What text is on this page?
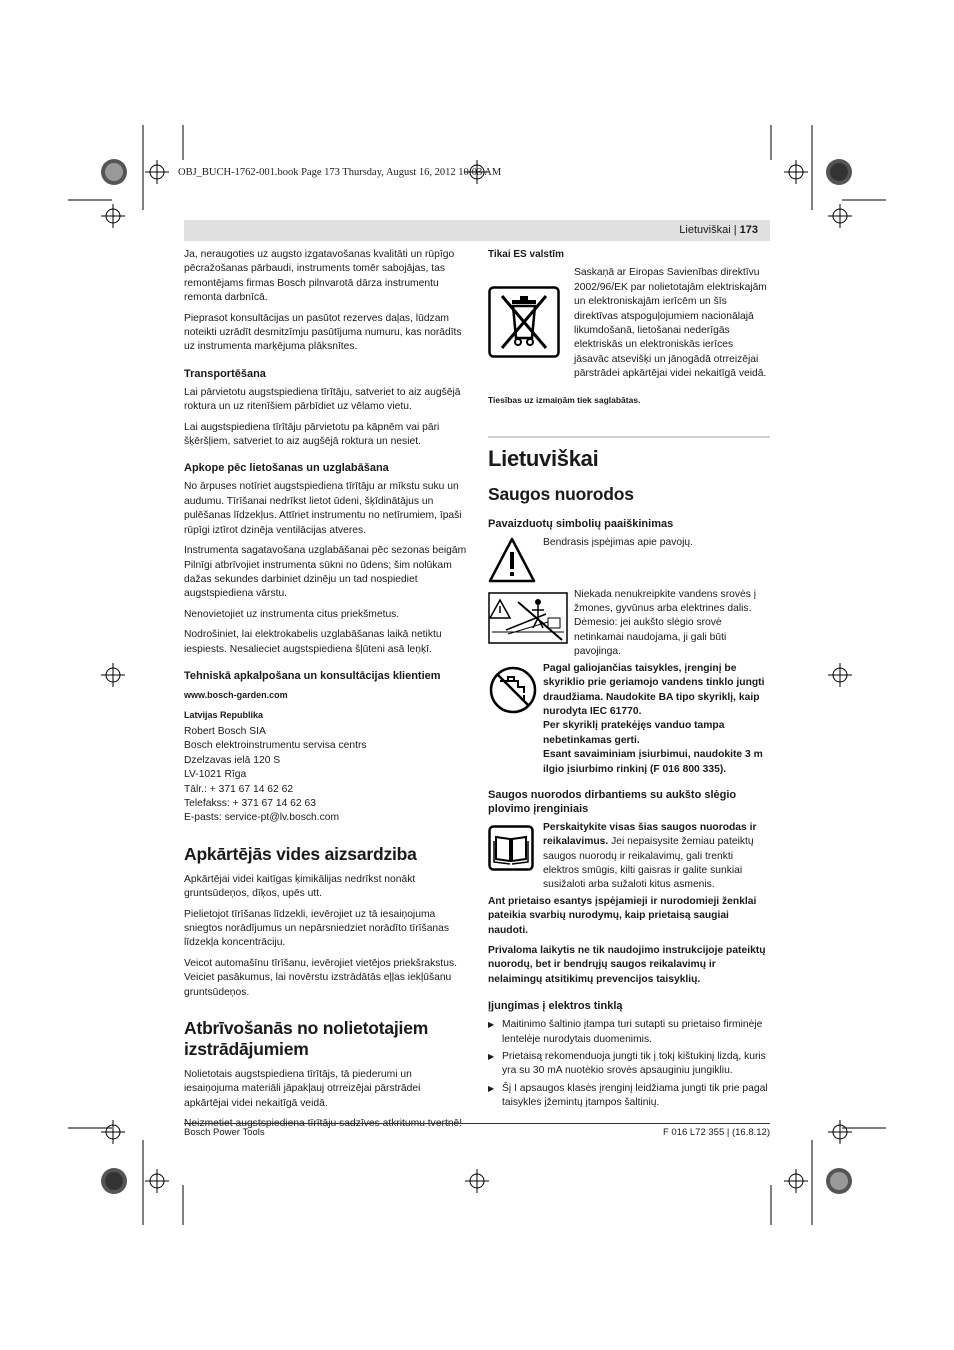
OBJ_BUCH-1762-001.book Page 173 Thursday, August 16, 2012 10:03 AM
Lietuviškai | 173

Ja, neraugoties uz augsto izgatavošanas kvalitāti un rūpīgo pēcražošanas pārbaudi, instruments tomēr sabojājas, tas remontējams firmas Bosch pilnvarotā dārza instrumentu remonta darbnīcā.

Pieprasot konsultācijas un pasūtot rezerves daļas, lūdzam noteikti uzrādīt desmitzīmju pasūtījuma numuru, kas norādīts uz instrumenta marķējuma plāksnītes.

Transportēšana

Lai pārvietotu augstspiediena tīrītāju, satveriet to aiz augšējā roktura un uz ritenīšiem pārbīdiet uz vēlamo vietu.

Lai augstspiediena tīrītāju pārvietotu pa kāpnēm vai pāri šķēršļiem, satveriet to aiz augšējā roktura un nesiet.

Apkope pēc lietošanas un uzglabāšana

No ārpuses notīriet augstspiediena tīrītāju ar mīkstu suku un audumu. Tīrīšanai nedrīkst lietot ūdeni, šķīdinātājus un pulēšanas līdzekļus. Attīriet instrumentu no netīrumiem, īpaši rūpīgi iztīrot dzinēja ventilācijas atveres.

Instrumenta sagatavošana uzglabāšanai pēc sezonas beigām Pilnīgi atbrīvojiet instrumenta sūkni no ūdens; šim nolūkam dažas sekundes darbiniet dzinēju un tad nospiediet augstspiediena vārstu.

Nenovietojiet uz instrumenta citus priekšmetus.

Nodrošiniet, lai elektrokabelis uzglabāšanas laikā netiktu iespiests. Nesalieciet augstspiediena šļūteni asā leņķī.

Tehniskā apkalpošana un konsultācijas klientiem
www.bosch-garden.com
Latvijas Republika
Robert Bosch SIA
Bosch elektroinstrumentu servisa centrs
Dzelzavas ielā 120 S
LV-1021 Rīga
Tālr.: + 371 67 14 62 62
Telefakss: + 371 67 14 62 63
E-pasts: service-pt@lv.bosch.com
Apkārtējās vides aizsardziba

Apkārtējai videi kaitīgas ķimikālijas nedrīkst nonākt gruntsūdeņos, dīķos, upēs utt.

Pielietojot tīrīšanas līdzekli, ievērojiet uz tā iesaiņojuma sniegtos norādījumus un nepārsniedziet norādīto tīrīšanas līdzekļa koncentrāciju.

Veicot automašīnu tīrīšanu, ievērojiet vietējos priekšrakstus. Veiciet pasākumus, lai novērstu izstrādātās eļļas iekļūšanu gruntsūdeņos.

Atbrīvošanās no nolietotajiem izstrādājumiem

Nolietotais augstspiediena tīrītājs, tā piederumi un iesaiņojuma materiāli jāpakļauj otrreizējai pārstrādei apkārtējai videi nekaitīgā veidā.

Tikai ES valstīm
Saskaņā ar Eiropas Savienības direktīvu 2002/96/EK par nolietotajām elektriskajām un elektroniskajām ierīcēm un šīs direktīvas atspoguļojumiem nacionālajā likumdošanā, lietošanai nederīgās elektriskās un elektroniskās ierīces jāsavāc atsevišķi un jānogādā otrreizējai pārstrādei apkārtējai videi nekaitīgā veidā.
Tiesības uz izmaiņām tiek saglabātas.
Lietuviškai
Saugos nuorodos
Pavaizduotų simbolių paaiškinimas
Bendrasis įspėjimas apie pavojų.
Niekada nenukreipkite vandens srovės į žmones, gyvūnus arba elektrines dalis. Dėmesio: jei aukšto slėgio srovė netinkamai naudojama, ji gali būti pavojinga.
Pagal galiojančias taisykles, įrenginį be skyriklio prie geriamojo vandens tinklo jungti draudžiama. Naudokite BA tipo skyriklį, kaip nurodyta IEC 61770.
Per skyriklį pratekėjęs vanduo tampa nebetinkamas gerti.
Esant savaiminiam įsiurbimui, naudokite 3 m ilgio įsiurbimo rinkinį (F 016 800 335).
Saugos nuorodos dirbantiems su aukšto slėgio plovimo įrenginiais
Perskaitykite visas šias saugos nuorodas ir reikalavimus. Jei nepaisysite žemiau pateiktų saugos nuorodų ir reikalavimų, gali trenkti elektros smūgis, kilti gaisras ir galite sunkiai susižaloti arba sužaloti kitus asmenis.

Ant prietaiso esantys įspėjamieji ir nurodomieji ženklai pateikia svarbių nurodymų, kaip prietaisą saugiai naudoti.

Privaloma laikytis ne tik naudojimo instrukcijoje pateiktų nuorodų, bet ir bendrųjų saugos reikalavimų ir nelaimingų atsitikimų prevencijos taisyklių.

Įjungimas į elektros tinklą
▶ Maitinimo šaltinio įtampa turi sutapti su prietaiso firminėje lentelėje nurodytais duomenimis.
▶ Prietaisą rekomenduoja jungti tik į tokį kištukinį lizdą, kuris yra su 30 mA nuotėkio srovės apsauginiu jungikliu.
▶ Šį I apsaugos klasės įrenginį leidžiama jungti tik prie pagal taisykles įžemintų įtampos šaltinių.
Bosch Power Tools	F 016 L72 355 | (16.8.12)
